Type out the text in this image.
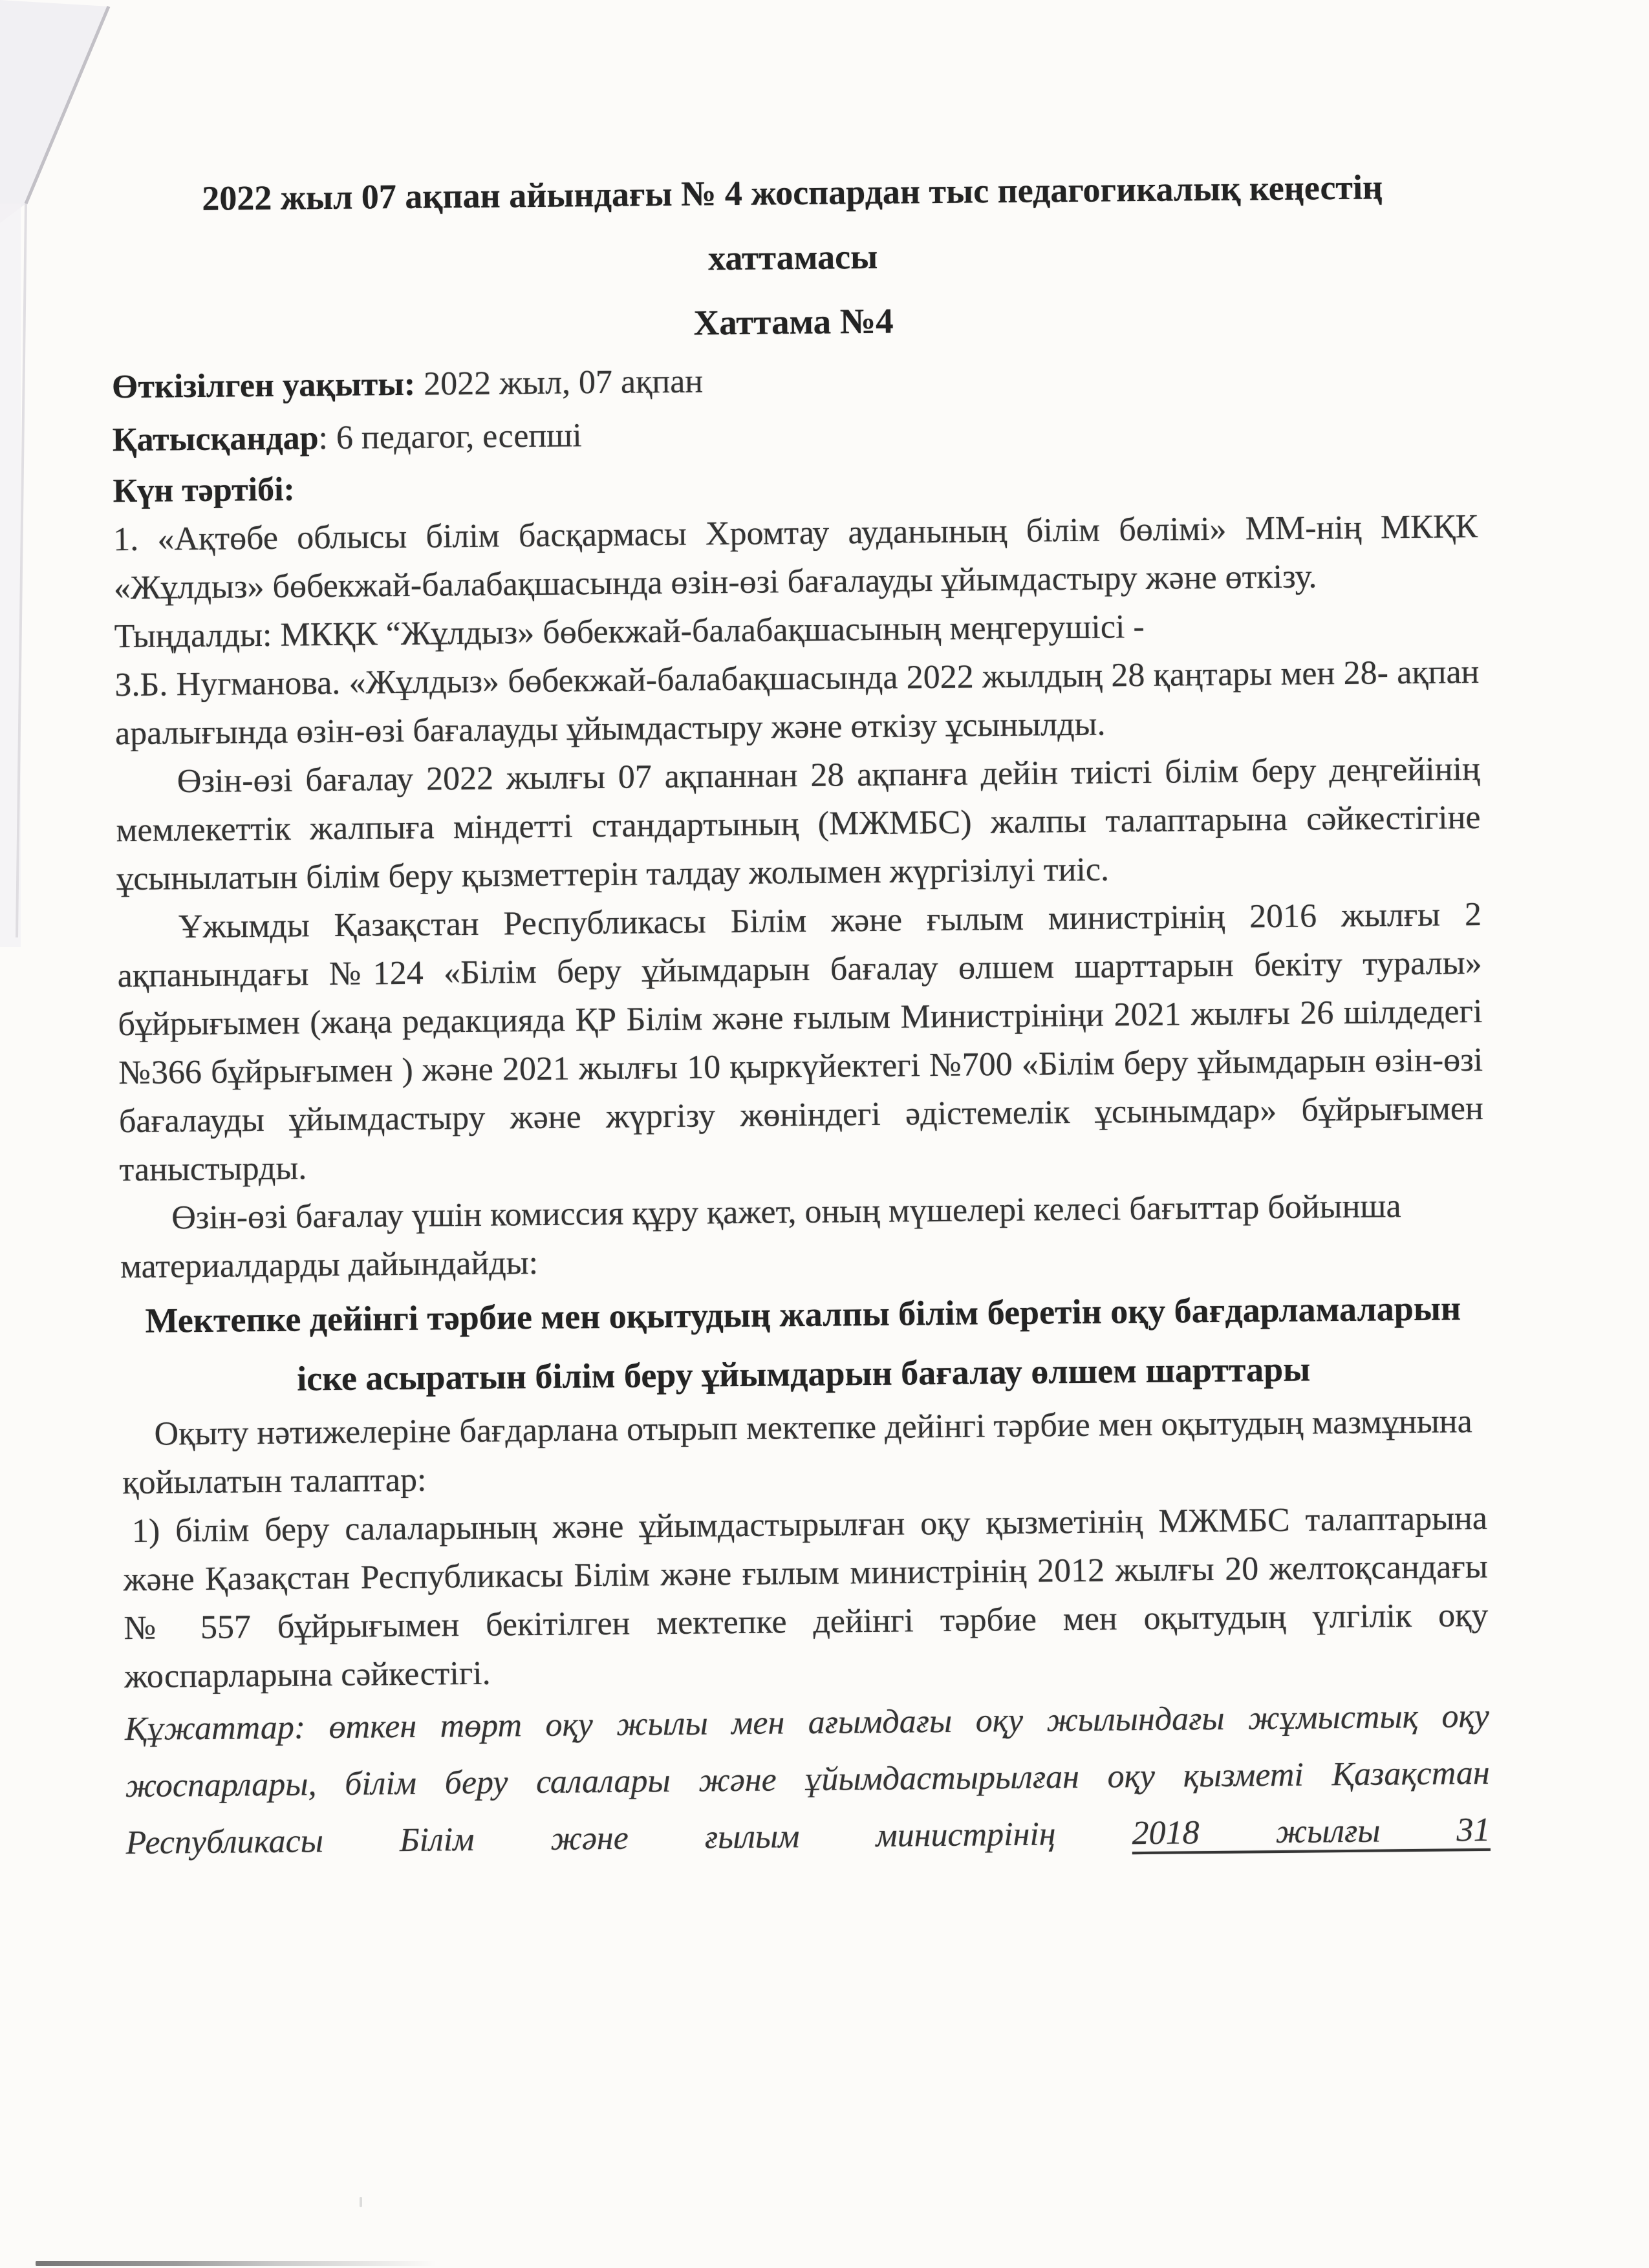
2022 жыл 07 ақпан айындағы № 4 жоспардан тыс педагогикалық кеңестің
хаттамасы
Хаттама №4

Өткізілген уақыты: 2022 жыл, 07 ақпан

Қатысқандар: 6 педагог, есепші

Күн тәртібі:

1. «Ақтөбе облысы білім басқармасы Хромтау ауданының білім бөлімі» ММ-нің МКҚК «Жұлдыз» бөбекжай-балабақшасында өзін-өзі бағалауды ұйымдастыру және өткізу.

Тыңдалды: МКҚК “Жұлдыз» бөбекжай-балабақшасының меңгерушісі -

З.Б. Нугманова. «Жұлдыз» бөбекжай-балабақшасында 2022 жылдың 28 қаңтары мен 28- ақпан аралығында өзін-өзі бағалауды ұйымдастыру және өткізу ұсынылды.

Өзін-өзі бағалау 2022 жылғы 07 ақпаннан 28 ақпанға дейін тиісті білім беру деңгейінің мемлекеттік жалпыға міндетті стандартының (МЖМБС) жалпы талаптарына сәйкестігіне ұсынылатын білім беру қызметтерін талдау жолымен жүргізілуі тиіс.

Ұжымды Қазақстан Республикасы Білім және ғылым министрінің 2016 жылғы 2 ақпанындағы №124 «Білім беру ұйымдарын бағалау өлшем шарттарын бекіту туралы» бұйрығымен (жаңа редакцияда ҚР Білім және ғылым Министрініңи 2021 жылғы 26 шілдедегі №366 бұйрығымен ) және 2021 жылғы 10 қыркүйектегі №700 «Білім беру ұйымдарын өзін-өзі бағалауды ұйымдастыру және жүргізу жөніндегі әдістемелік ұсынымдар» бұйрығымен таныстырды.

Өзін-өзі бағалау үшін комиссия құру қажет, оның мүшелері келесі бағыттар бойынша материалдарды дайындайды:

Мектепке дейінгі тәрбие мен оқытудың жалпы білім беретін оқу бағдарламаларын іске асыратын білім беру ұйымдарын бағалау өлшем шарттары

Оқыту нәтижелеріне бағдарлана отырып мектепке дейінгі тәрбие мен оқытудың мазмұнына қойылатын талаптар:

1) білім беру салаларының және ұйымдастырылған оқу қызметінің МЖМБС талаптарына және Қазақстан Республикасы Білім және ғылым министрінің 2012 жылғы 20 желтоқсандағы № 557 бұйрығымен бекітілген мектепке дейінгі тәрбие мен оқытудың үлгілік оқу жоспарларына сәйкестігі.

Құжаттар: өткен төрт оқу жылы мен ағымдағы оқу жылындағы жұмыстық оқу жоспарлары, білім беру салалары және ұйымдастырылған оқу қызметі Қазақстан Республикасы Білім және ғылым министрінің 2018 жылғы 31
